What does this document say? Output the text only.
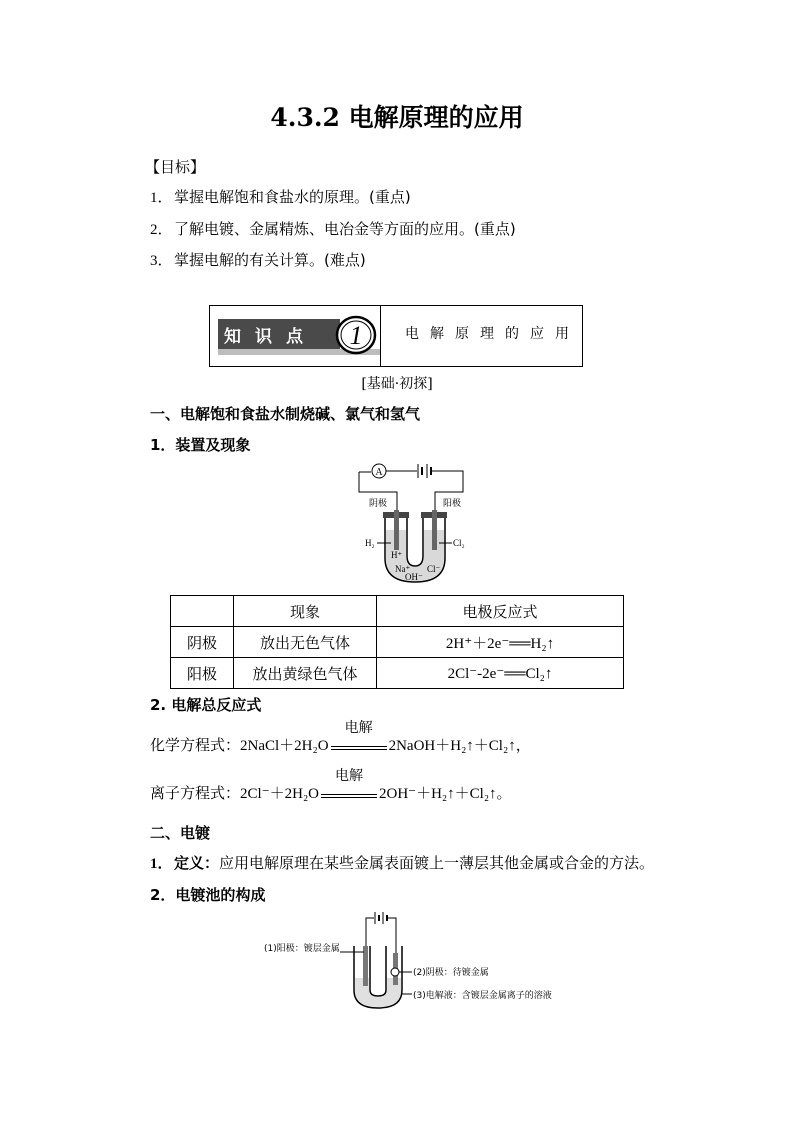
4.3.2 电解原理的应用
【目标】
1．掌握电解饱和食盐水的原理。(重点)
2．了解电镀、金属精炼、电冶金等方面的应用。(重点)
3．掌握电解的有关计算。(难点)
知识点 1	电解原理的应用
[基础·初探]
一、电解饱和食盐水制烧碱、氯气和氢气
1．装置及现象
A
阴极	阳极
H₂	Cl₂
H⁺
Na⁺
OH⁻
Cl⁻
	现象	电极反应式
阴极	放出无色气体	2H⁺＋2e⁻══H₂↑
阳极	放出黄绿色气体	2Cl⁻-2e⁻══Cl₂↑
2. 电解总反应式
化学方程式：2NaCl＋2H₂O
电解
2NaOH＋H₂↑＋Cl₂↑，
离子方程式：2Cl⁻＋2H₂O
电解
2OH⁻＋H₂↑＋Cl₂↑。
二、电镀
1．定义：应用电解原理在某些金属表面镀上一薄层其他金属或合金的方法。
2．电镀池的构成
(1)阳极：镀层金属
(2)阴极：待镀金属
(3)电解液：含镀层金属离子的溶液
